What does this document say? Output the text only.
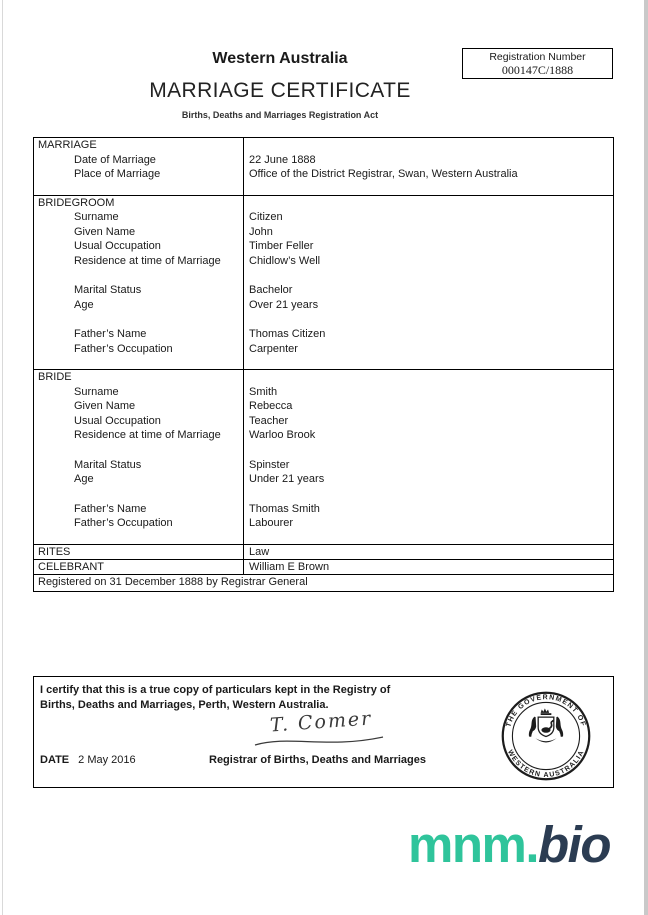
Western Australia
MARRIAGE CERTIFICATE
Births, Deaths and Marriages Registration Act
Registration Number
000147C/1888
MARRIAGE
Date of Marriage	22 June 1888
Place of Marriage	Office of the District Registrar, Swan, Western Australia
BRIDEGROOM
Surname	Citizen
Given Name	John
Usual Occupation	Timber Feller
Residence at time of Marriage	Chidlow’s Well
Marital Status	Bachelor
Age	Over 21 years
Father’s Name	Thomas Citizen
Father’s Occupation	Carpenter
BRIDE
Surname	Smith
Given Name	Rebecca
Usual Occupation	Teacher
Residence at time of Marriage	Warloo Brook
Marital Status	Spinster
Age	Under 21 years
Father’s Name	Thomas Smith
Father’s Occupation	Labourer
RITES	Law
CELEBRANT	William E Brown
Registered on 31 December 1888 by Registrar General
I certify that this is a true copy of particulars kept in the Registry of
Births, Deaths and Marriages, Perth, Western Australia.
T. Comer
DATE 2 May 2016	Registrar of Births, Deaths and Marriages
THE GOVERNMENT OF
WESTERN AUSTRALIA
mnm.bio
